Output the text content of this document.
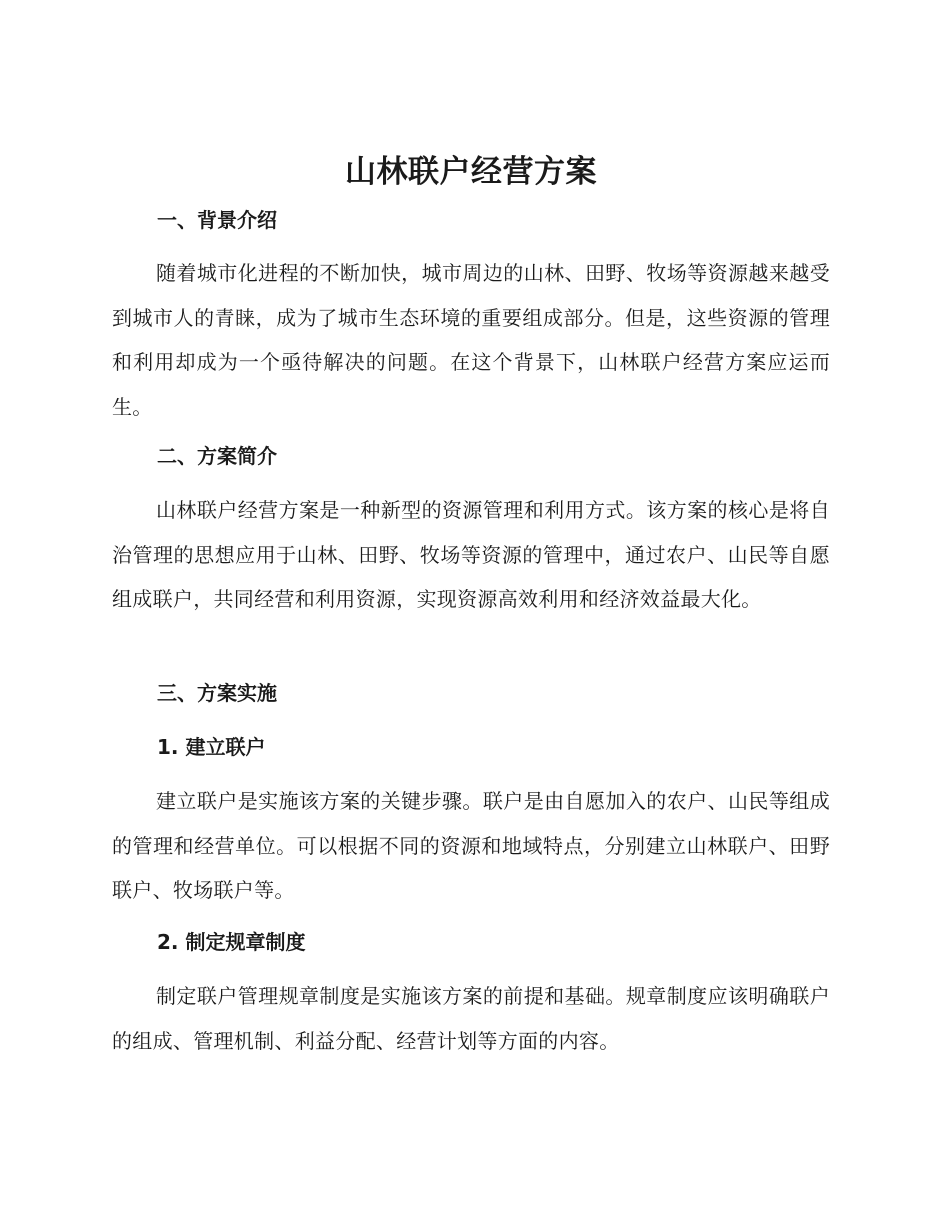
山林联户经营方案
一、背景介绍

随着城市化进程的不断加快，城市周边的山林、田野、牧场等资源越来越受到城市人的青睐，成为了城市生态环境的重要组成部分。但是，这些资源的管理和利用却成为一个亟待解决的问题。在这个背景下，山林联户经营方案应运而生。

二、方案简介

山林联户经营方案是一种新型的资源管理和利用方式。该方案的核心是将自治管理的思想应用于山林、田野、牧场等资源的管理中，通过农户、山民等自愿组成联户，共同经营和利用资源，实现资源高效利用和经济效益最大化。

三、方案实施
1. 建立联户

建立联户是实施该方案的关键步骤。联户是由自愿加入的农户、山民等组成的管理和经营单位。可以根据不同的资源和地域特点，分别建立山林联户、田野联户、牧场联户等。

2. 制定规章制度

制定联户管理规章制度是实施该方案的前提和基础。规章制度应该明确联户的组成、管理机制、利益分配、经营计划等方面的内容。
